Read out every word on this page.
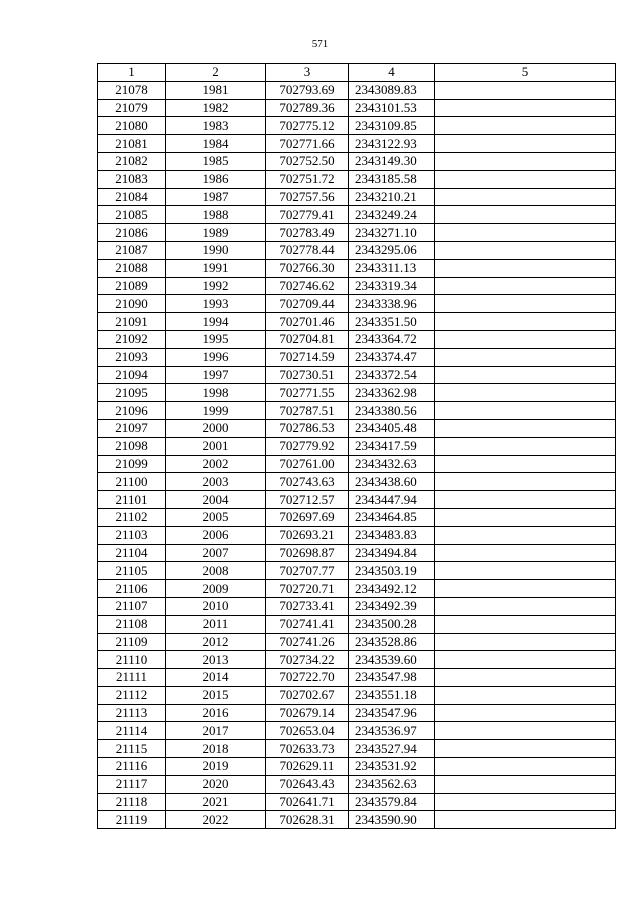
571
1	2	3	4	5
21078	1981	702793.69	2343089.83	
21079	1982	702789.36	2343101.53	
21080	1983	702775.12	2343109.85	
21081	1984	702771.66	2343122.93	
21082	1985	702752.50	2343149.30	
21083	1986	702751.72	2343185.58	
21084	1987	702757.56	2343210.21	
21085	1988	702779.41	2343249.24	
21086	1989	702783.49	2343271.10	
21087	1990	702778.44	2343295.06	
21088	1991	702766.30	2343311.13	
21089	1992	702746.62	2343319.34	
21090	1993	702709.44	2343338.96	
21091	1994	702701.46	2343351.50	
21092	1995	702704.81	2343364.72	
21093	1996	702714.59	2343374.47	
21094	1997	702730.51	2343372.54	
21095	1998	702771.55	2343362.98	
21096	1999	702787.51	2343380.56	
21097	2000	702786.53	2343405.48	
21098	2001	702779.92	2343417.59	
21099	2002	702761.00	2343432.63	
21100	2003	702743.63	2343438.60	
21101	2004	702712.57	2343447.94	
21102	2005	702697.69	2343464.85	
21103	2006	702693.21	2343483.83	
21104	2007	702698.87	2343494.84	
21105	2008	702707.77	2343503.19	
21106	2009	702720.71	2343492.12	
21107	2010	702733.41	2343492.39	
21108	2011	702741.41	2343500.28	
21109	2012	702741.26	2343528.86	
21110	2013	702734.22	2343539.60	
21111	2014	702722.70	2343547.98	
21112	2015	702702.67	2343551.18	
21113	2016	702679.14	2343547.96	
21114	2017	702653.04	2343536.97	
21115	2018	702633.73	2343527.94	
21116	2019	702629.11	2343531.92	
21117	2020	702643.43	2343562.63	
21118	2021	702641.71	2343579.84	
21119	2022	702628.31	2343590.90	
